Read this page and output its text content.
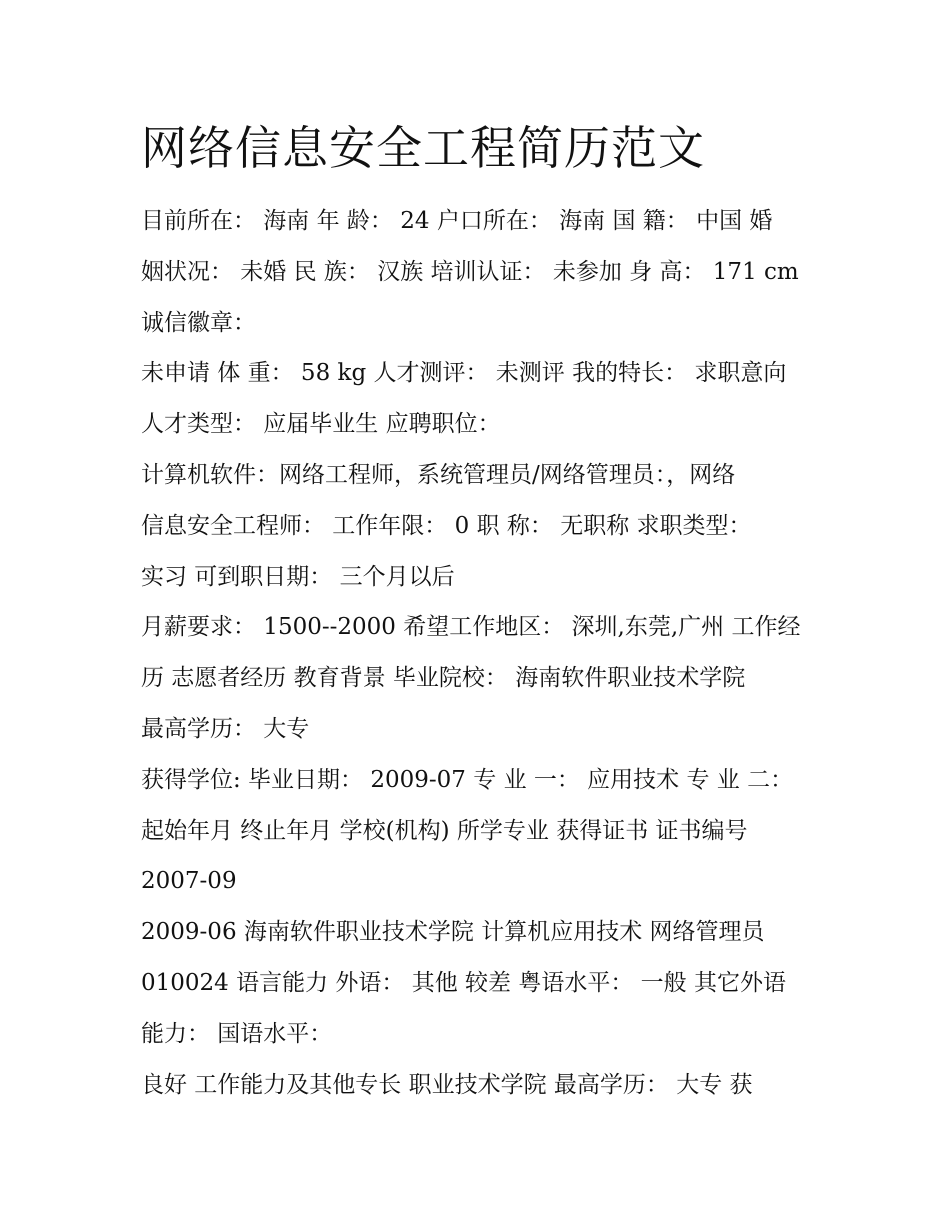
网络信息安全工程简历范文
目前所在： 海南 年 龄： 24 户口所在： 海南 国 籍： 中国 婚
姻状况： 未婚 民 族： 汉族 培训认证： 未参加 身 高： 171 cm
诚信徽章：
未申请 体 重： 58 kg 人才测评： 未测评 我的特长： 求职意向
人才类型： 应届毕业生 应聘职位：
计算机软件：网络工程师，系统管理员/网络管理员：，网络
信息安全工程师： 工作年限： 0 职 称： 无职称 求职类型：
实习 可到职日期： 三个月以后
月薪要求： 1500--2000 希望工作地区： 深圳,东莞,广州 工作经
历 志愿者经历 教育背景 毕业院校： 海南软件职业技术学院
最高学历： 大专
获得学位: 毕业日期： 2009-07 专 业 一： 应用技术 专 业 二：
起始年月 终止年月 学校(机构) 所学专业 获得证书 证书编号
2007-09
2009-06 海南软件职业技术学院 计算机应用技术 网络管理员
010024 语言能力 外语： 其他 较差 粤语水平： 一般 其它外语
能力： 国语水平：
良好 工作能力及其他专长 职业技术学院 最高学历： 大专 获
